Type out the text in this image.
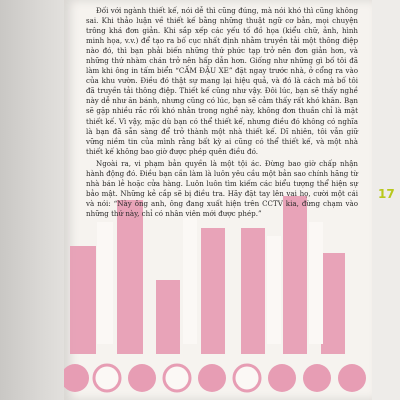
17

Đối với ngành thiết kế, nói dễ thì cũng đúng, mà nói khó thì cũng không sai. Khi thảo luận về thiết kế bằng những thuật ngữ cơ bản, mọi chuyện trông khá đơn giản. Khi sắp xếp các yếu tố đồ họa (kiểu chữ, ảnh, hình minh họa, v.v.) để tạo ra bố cục nhất định nhằm truyền tải một thông điệp nào đó, thì bạn phải biến những thứ phức tạp trở nên đơn giản hơn, và những thứ nhàm chán trở nên hấp dẫn hơn. Giống như những gì bố tôi đã làm khi ông in tấm biển “CẤM ĐẬU XE” đặt ngay trước nhà, ở cổng ra vào của khu vườn. Điều đó thật sự mang lại hiệu quả, và đó là cách mà bố tôi đã truyền tải thông điệp. Thiết kế cũng như vậy. Đôi lúc, bạn sẽ thấy nghề này dễ như ăn bánh, nhưng cũng có lúc, bạn sẽ cảm thấy rất khó khăn. Bạn sẽ gặp nhiều rắc rối khó nhằn trong nghề này, không đơn thuần chỉ là mặt thiết kế. Vì vậy, mặc dù bạn có thể thiết kế, nhưng điều đó không có nghĩa là bạn đã sẵn sàng để trở thành một nhà thiết kế. Dĩ nhiên, tôi vẫn giữ vững niềm tin của mình rằng bất kỳ ai cũng có thể thiết kế, và một nhà thiết kế không bao giờ được phép quên điều đó.

Ngoài ra, vi phạm bản quyền là một tội ác. Đừng bao giờ chấp nhận hành động đó. Điều bạn cần làm là luôn yêu cầu một bản sao chính hãng từ nhà bán lẻ hoặc cửa hàng. Luôn luôn tìm kiếm các biểu tượng thể hiện sự bảo mật. Những kẻ cắp sẽ bị điều tra. Hãy đặt tay lên vai họ, cười một cái và nói: “Này ông anh, ông đang xuất hiện trên CCTV kia, đừng chạm vào những thứ này, chỉ có nhân viên mới được phép.”
